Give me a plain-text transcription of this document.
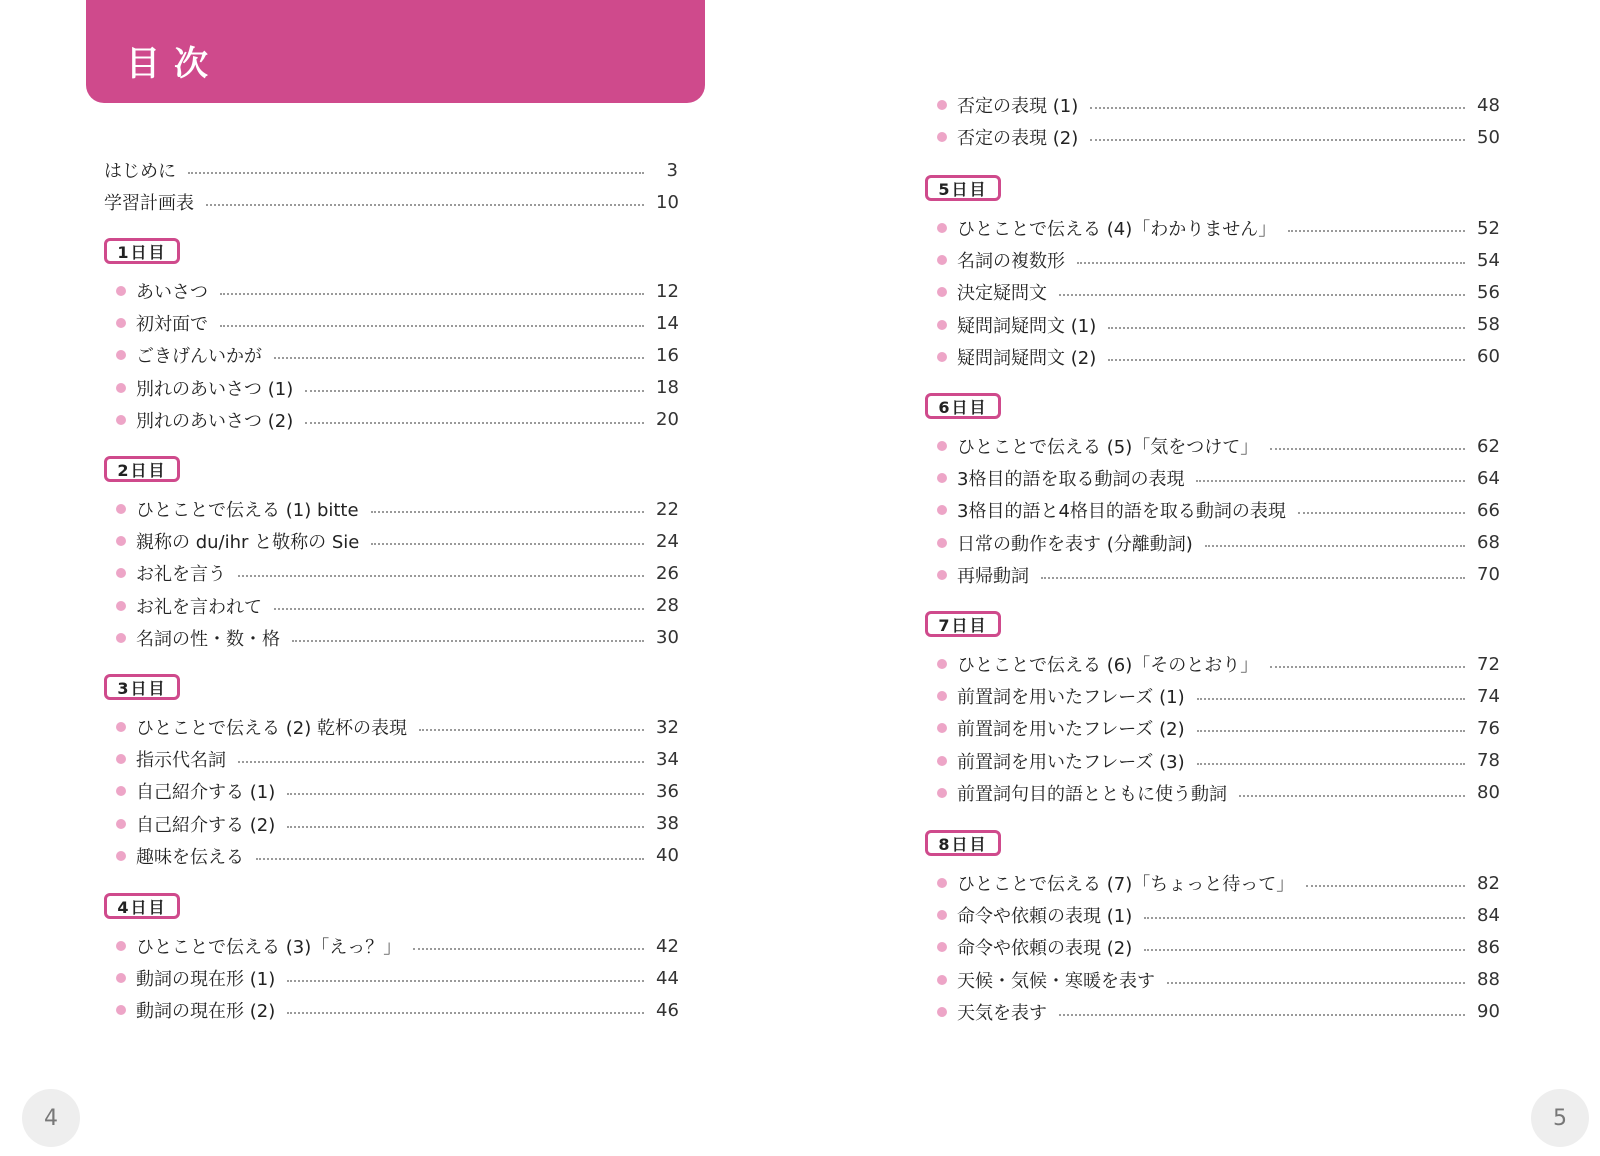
目次
はじめに	3
学習計画表	10
1日目
あいさつ	12
初対面で	14
ごきげんいかが	16
別れのあいさつ (1)	18
別れのあいさつ (2)	20
2日目
ひとことで伝える (1) bitte	22
親称の du/ihr と敬称の Sie	24
お礼を言う	26
お礼を言われて	28
名詞の性・数・格	30
3日目
ひとことで伝える (2) 乾杯の表現	32
指示代名詞	34
自己紹介する (1)	36
自己紹介する (2)	38
趣味を伝える	40
4日目
ひとことで伝える (3)「えっ？」	42
動詞の現在形 (1)	44
動詞の現在形 (2)	46
否定の表現 (1)	48
否定の表現 (2)	50
5日目
ひとことで伝える (4)「わかりません」	52
名詞の複数形	54
決定疑問文	56
疑問詞疑問文 (1)	58
疑問詞疑問文 (2)	60
6日目
ひとことで伝える (5)「気をつけて」	62
3格目的語を取る動詞の表現	64
3格目的語と4格目的語を取る動詞の表現	66
日常の動作を表す (分離動詞)	68
再帰動詞	70
7日目
ひとことで伝える (6)「そのとおり」	72
前置詞を用いたフレーズ (1)	74
前置詞を用いたフレーズ (2)	76
前置詞を用いたフレーズ (3)	78
前置詞句目的語とともに使う動詞	80
8日目
ひとことで伝える (7)「ちょっと待って」	82
命令や依頼の表現 (1)	84
命令や依頼の表現 (2)	86
天候・気候・寒暖を表す	88
天気を表す	90
4	5
